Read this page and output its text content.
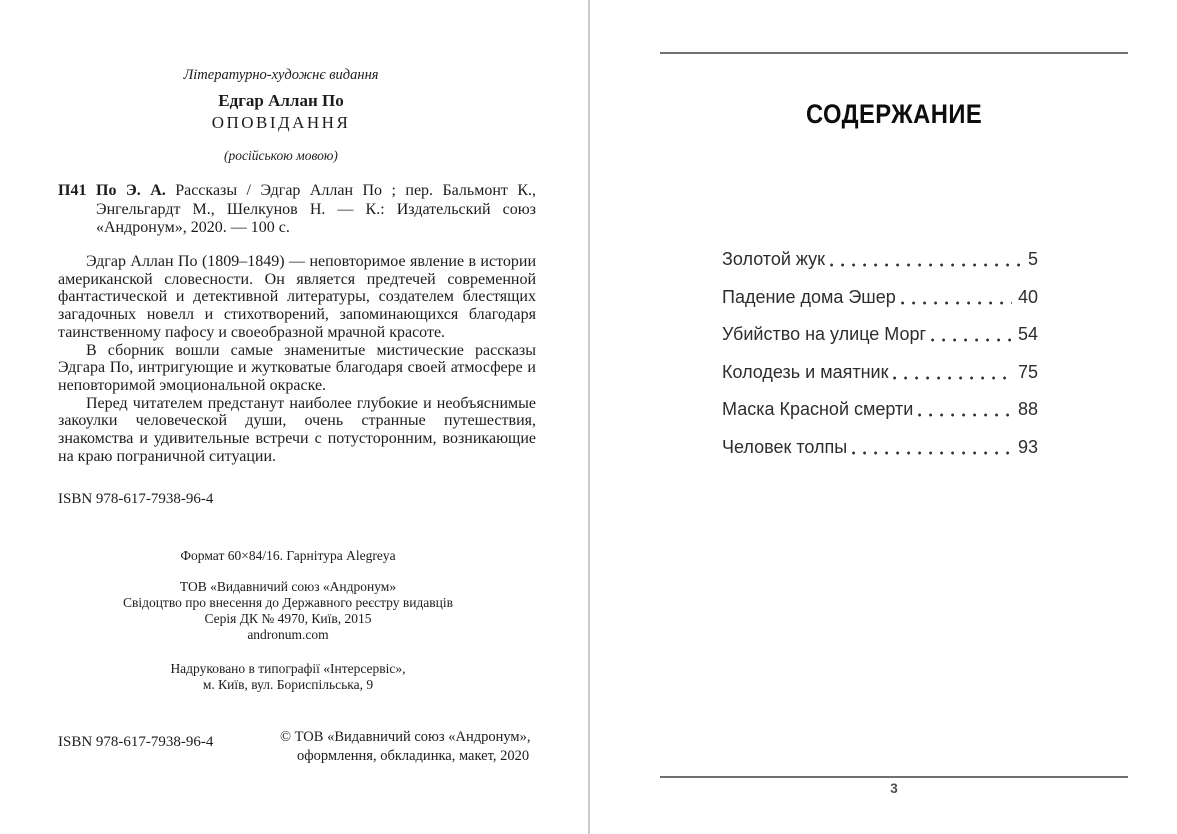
Літературно-художнє видання
Едгар Аллан По
ОПОВІДАННЯ
(російською мовою)
П41 По Э. А. Рассказы / Эдгар Аллан По ; пер. Бальмонт К., Энгельгардт М., Шелкунов Н. — К.: Издательский союз «Андронум», 2020. — 100 с.

Эдгар Аллан По (1809–1849) — неповторимое явление в истории американской словесности. Он является предтечей современной фантастической и детективной литературы, создателем блестящих загадочных новелл и стихотворений, запоминающихся благодаря таинственному пафосу и своеобразной мрачной красоте.

В сборник вошли самые знаменитые мистические рассказы Эдгара По, интригующие и жутковатые благодаря своей атмосфере и неповторимой эмоциональной окраске.

Перед читателем предстанут наиболее глубокие и необъяснимые закоулки человеческой души, очень странные путешествия, знакомства и удивительные встречи с потусторонним, возникающие на краю пограничной ситуации.

ISBN 978-617-7938-96-4
Формат 60×84/16. Гарнітура Alegreya
ТОВ «Видавничий союз «Андронум»
Свідоцтво про внесення до Державного реєстру видавців
Серія ДК № 4970, Київ, 2015
andronum.com
Надруковано в типографії «Інтерсервіс»,
м. Київ, вул. Бориспільська, 9
ISBN 978-617-7938-96-4	© ТОВ «Видавничий союз «Андронум»,
оформлення, обкладинка, макет, 2020
СОДЕРЖАНИЕ
Золотой жук	5
Падение дома Эшер	40
Убийство на улице Морг	54
Колодезь и маятник	75
Маска Красной смерти	88
Человек толпы	93
3
